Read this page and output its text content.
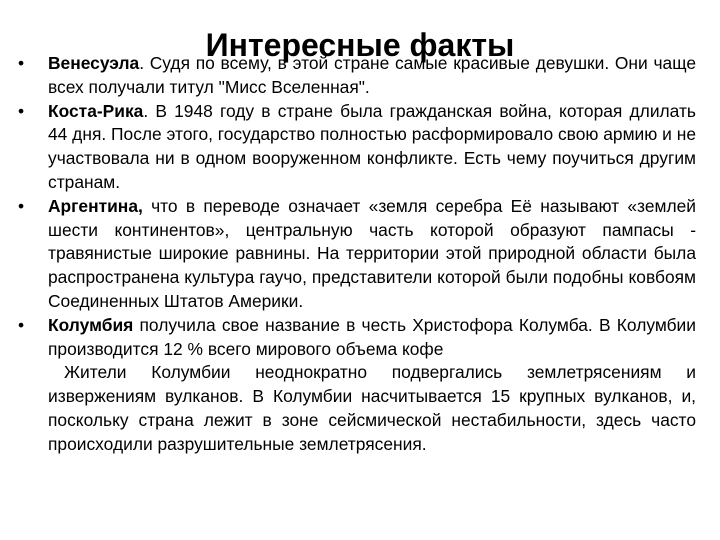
Интересные факты
•	Венесуэла. Судя по всему, в этой стране самые красивые девушки. Они чаще всех получали титул "Мисс Вселенная".
•	Коста-Рика. В 1948 году в стране была гражданская война, которая длилать 44 дня. После этого, государство полностью расформировало свою армию и не участвовала ни в одном вооруженном конфликте. Есть чему поучиться другим странам.
•	Аргентина, что в переводе означает «земля серебра Её называют «землей шести континентов», центральную часть которой образуют пампасы - травянистые широкие равнины. На территории этой природной области была распространена культура гаучо, представители которой были подобны ковбоям Соединенных Штатов Америки.
•	Колумбия получила свое название в честь Христофора Колумба. В Колумбии производится 12 % всего мирового объема кофе
Жители Колумбии неоднократно подвергались землетрясениям и извержениям вулканов. В Колумбии насчитывается 15 крупных вулканов, и, поскольку страна лежит в зоне сейсмической нестабильности, здесь часто происходили разрушительные землетрясения.
